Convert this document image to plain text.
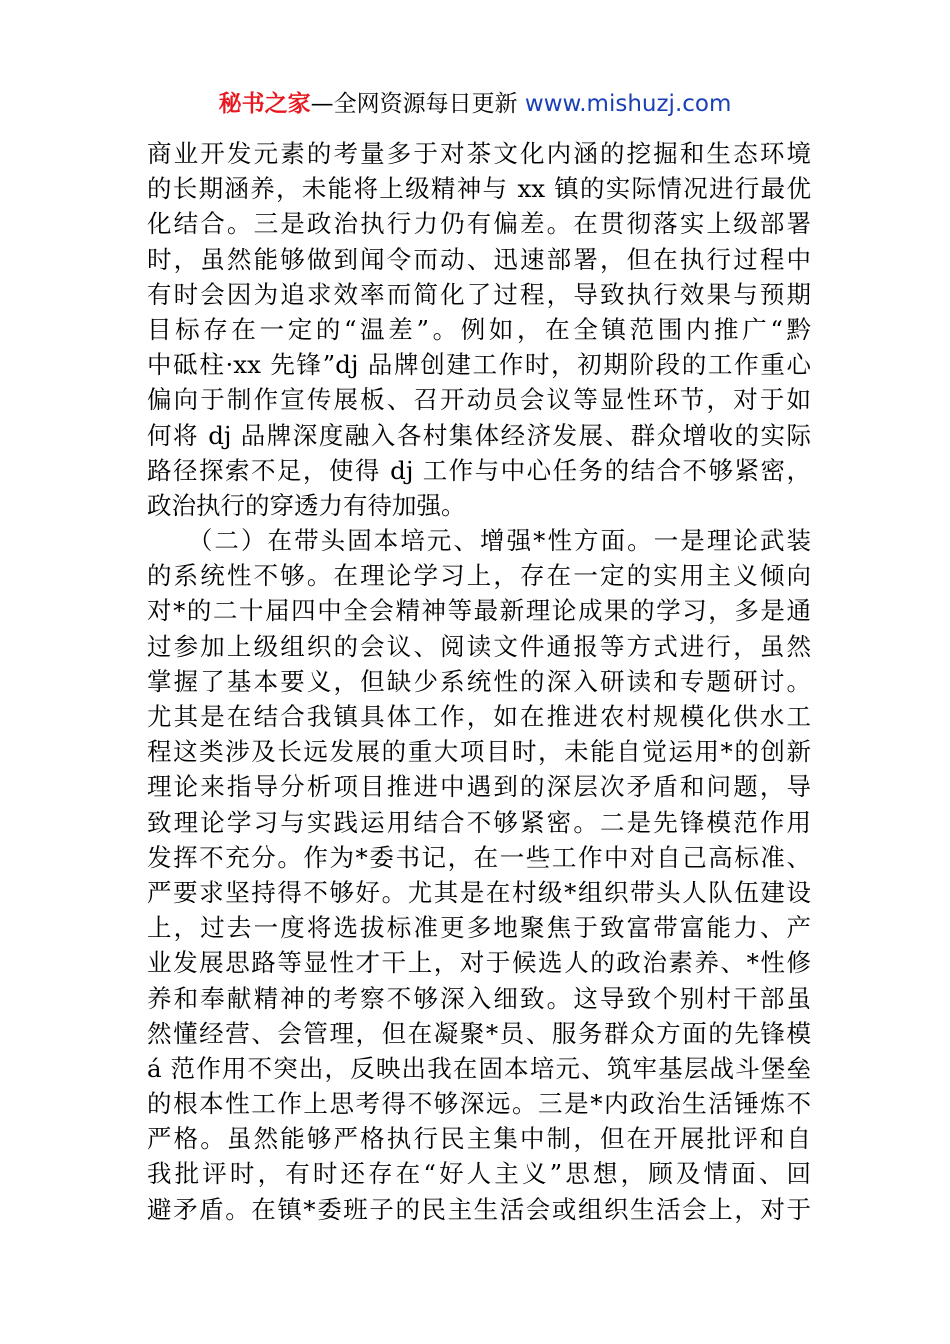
秘书之家—全网资源每日更新 www.mishuzj.com
商业开发元素的考量多于对茶文化内涵的挖掘和生态环境
的长期涵养，未能将上级精神与 xx 镇的实际情况进行最优
化结合。三是政治执行力仍有偏差。在贯彻落实上级部署
时，虽然能够做到闻令而动、迅速部署，但在执行过程中
有时会因为追求效率而简化了过程，导致执行效果与预期
目标存在一定的“温差”。例如，在全镇范围内推广“黔
中砥柱·xx 先锋”dj 品牌创建工作时，初期阶段的工作重心
偏向于制作宣传展板、召开动员会议等显性环节，对于如
何将 dj 品牌深度融入各村集体经济发展、群众增收的实际
路径探索不足，使得 dj 工作与中心任务的结合不够紧密，
政治执行的穿透力有待加强。
　　（二）在带头固本培元、增强*性方面。一是理论武装
的系统性不够。在理论学习上，存在一定的实用主义倾向
对*的二十届四中全会精神等最新理论成果的学习，多是通
过参加上级组织的会议、阅读文件通报等方式进行，虽然
掌握了基本要义，但缺少系统性的深入研读和专题研讨。
尤其是在结合我镇具体工作，如在推进农村规模化供水工
程这类涉及长远发展的重大项目时，未能自觉运用*的创新
理论来指导分析项目推进中遇到的深层次矛盾和问题，导
致理论学习与实践运用结合不够紧密。二是先锋模范作用
发挥不充分。作为*委书记，在一些工作中对自己高标准、
严要求坚持得不够好。尤其是在村级*组织带头人队伍建设
上，过去一度将选拔标准更多地聚焦于致富带富能力、产
业发展思路等显性才干上，对于候选人的政治素养、*性修
养和奉献精神的考察不够深入细致。这导致个别村干部虽
然懂经营、会管理，但在凝聚*员、服务群众方面的先锋模
á 范作用不突出，反映出我在固本培元、筑牢基层战斗堡垒
的根本性工作上思考得不够深远。三是*内政治生活锤炼不
严格。虽然能够严格执行民主集中制，但在开展批评和自
我批评时，有时还存在“好人主义”思想，顾及情面、回
避矛盾。在镇*委班子的民主生活会或组织生活会上，对于
